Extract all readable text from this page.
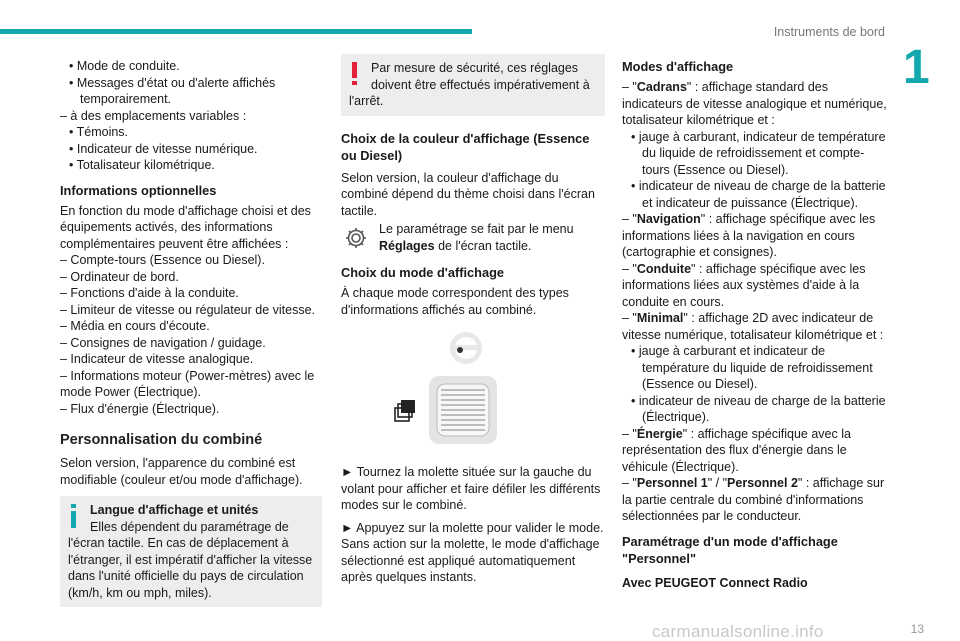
Instruments de bord
1
• Mode de conduite.
• Messages d'état ou d'alerte affichés temporairement.
– à des emplacements variables :
• Témoins.
• Indicateur de vitesse numérique.
• Totalisateur kilométrique.
Informations optionnelles
En fonction du mode d'affichage choisi et des équipements activés, des informations complémentaires peuvent être affichées :
– Compte-tours (Essence ou Diesel).
– Ordinateur de bord.
– Fonctions d'aide à la conduite.
– Limiteur de vitesse ou régulateur de vitesse.
– Média en cours d'écoute.
– Consignes de navigation / guidage.
– Indicateur de vitesse analogique.
– Informations moteur (Power-mètres) avec le mode Power (Électrique).
– Flux d'énergie (Électrique).
Personnalisation du combiné
Selon version, l'apparence du combiné est modifiable (couleur et/ou mode d'affichage).
Langue d'affichage et unités
Elles dépendent du paramétrage de
l'écran tactile. En cas de déplacement à l'étranger, il est impératif d'afficher la vitesse dans l'unité officielle du pays de circulation (km/h, km ou mph, miles).
Par mesure de sécurité, ces réglages doivent être effectués impérativement à
l'arrêt.
Choix de la couleur d'affichage (Essence ou Diesel)
Selon version, la couleur d'affichage du combiné dépend du thème choisi dans l'écran tactile.
Le paramétrage se fait par le menu Réglages de l'écran tactile.
Choix du mode d'affichage
À chaque mode correspondent des types d'informations affichés au combiné.
► Tournez la molette située sur la gauche du volant pour afficher et faire défiler les différents modes sur le combiné.
► Appuyez sur la molette pour valider le mode. Sans action sur la molette, le mode d'affichage sélectionné est appliqué automatiquement après quelques instants.
Modes d'affichage
– "Cadrans" : affichage standard des indicateurs de vitesse analogique et numérique, totalisateur kilométrique et :
• jauge à carburant, indicateur de température du liquide de refroidissement et compte-tours (Essence ou Diesel).
• indicateur de niveau de charge de la batterie et indicateur de puissance (Électrique).
– "Navigation" : affichage spécifique avec les informations liées à la navigation en cours (cartographie et consignes).
– "Conduite" : affichage spécifique avec les informations liées aux systèmes d'aide à la conduite en cours.
– "Minimal" : affichage 2D avec indicateur de vitesse numérique, totalisateur kilométrique et :
• jauge à carburant et indicateur de température du liquide de refroidissement (Essence ou Diesel).
• indicateur de niveau de charge de la batterie (Électrique).
– "Énergie" : affichage spécifique avec la représentation des flux d'énergie dans le véhicule (Électrique).
– "Personnel 1" / "Personnel 2" : affichage sur la partie centrale du combiné d'informations sélectionnées par le conducteur.
Paramétrage d'un mode d'affichage "Personnel"
Avec PEUGEOT Connect Radio
carmanualsonline.info	13
